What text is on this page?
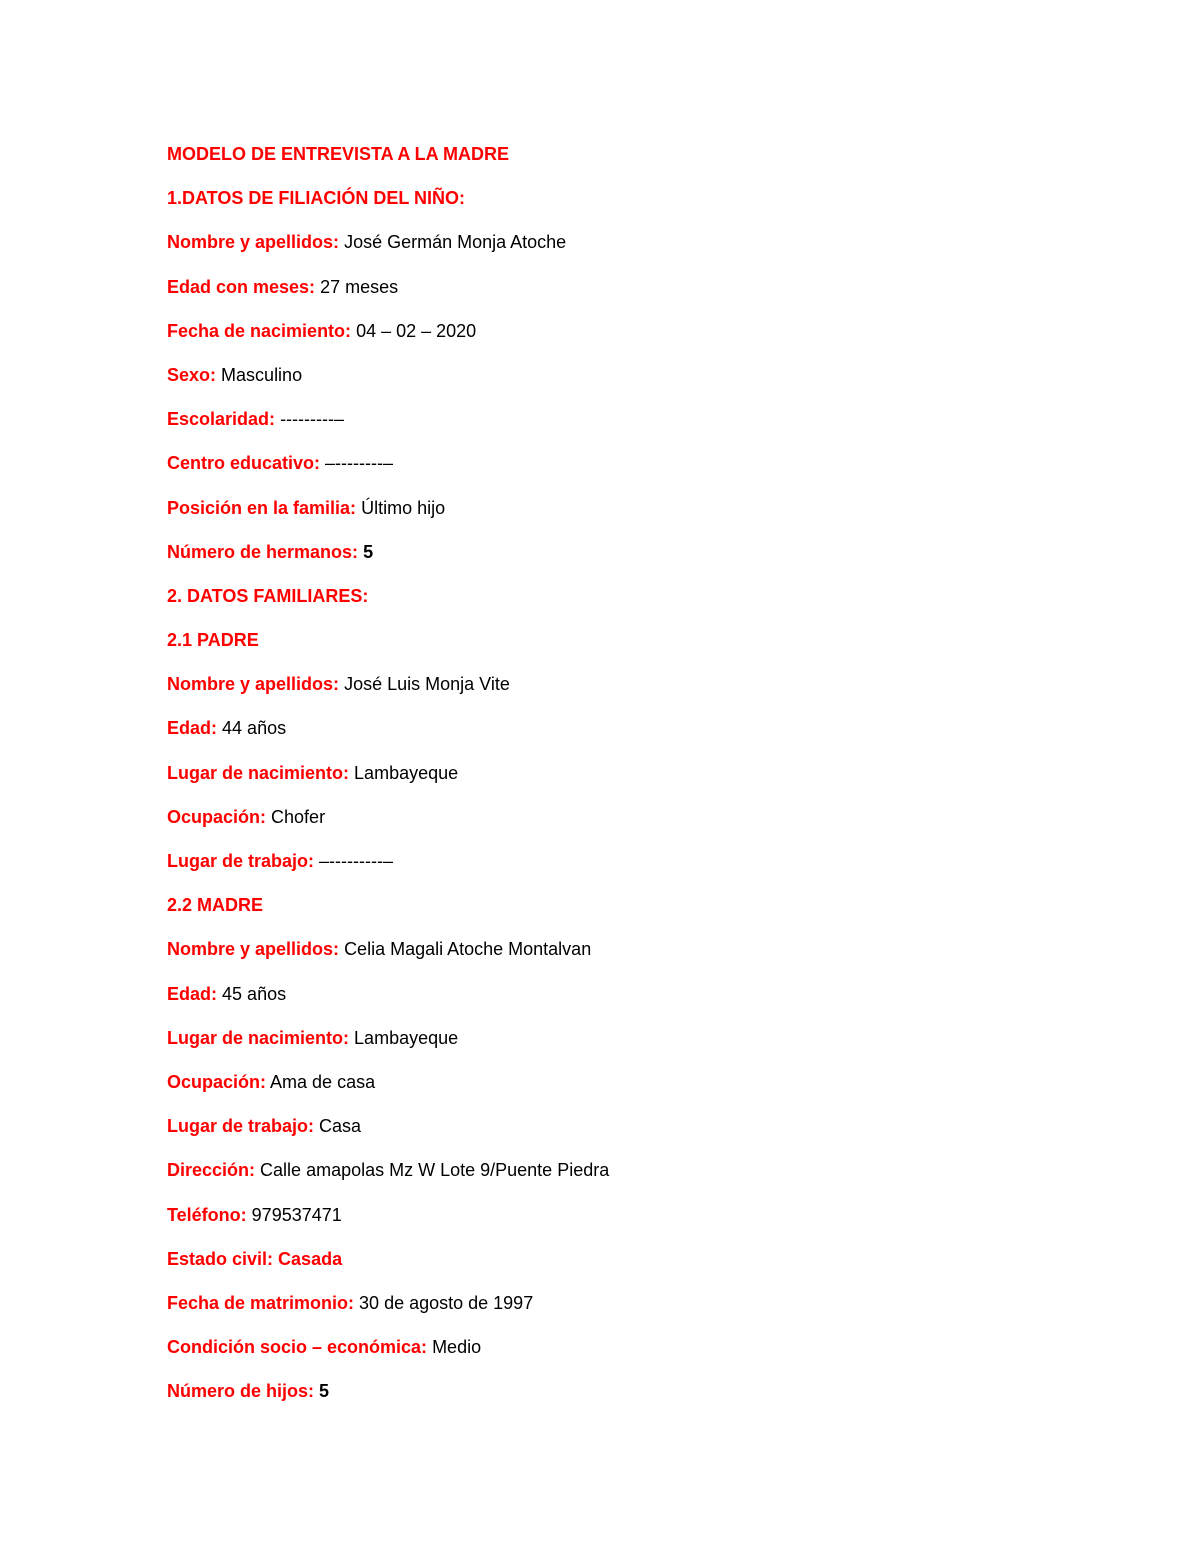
MODELO DE ENTREVISTA A LA MADRE
1.DATOS DE FILIACIÓN DEL NIÑO:
Nombre y apellidos: José Germán Monja Atoche
Edad con meses: 27 meses
Fecha de nacimiento: 04 – 02 – 2020
Sexo: Masculino
Escolaridad: ---------–
Centro educativo: –--------–
Posición en la familia: Último hijo
Número de hermanos: 5
2. DATOS FAMILIARES:
2.1 PADRE
Nombre y apellidos: José Luis Monja Vite
Edad: 44 años
Lugar de nacimiento: Lambayeque
Ocupación: Chofer
Lugar de trabajo: –---------–
2.2 MADRE
Nombre y apellidos: Celia Magali Atoche Montalvan
Edad: 45 años
Lugar de nacimiento: Lambayeque
Ocupación: Ama de casa
Lugar de trabajo: Casa
Dirección: Calle amapolas Mz W Lote 9/Puente Piedra
Teléfono: 979537471
Estado civil: Casada
Fecha de matrimonio: 30 de agosto de 1997
Condición socio – económica: Medio
Número de hijos: 5
